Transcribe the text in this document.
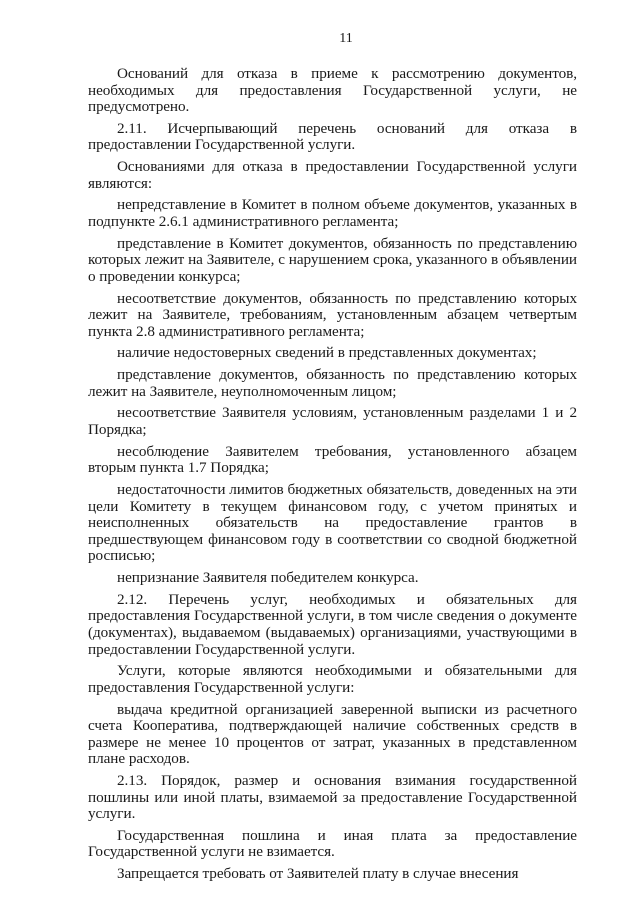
11

Оснований для отказа в приеме к рассмотрению документов, необходимых для предоставления Государственной услуги, не предусмотрено.

2.11. Исчерпывающий перечень оснований для отказа в предоставлении Государственной услуги.

Основаниями для отказа в предоставлении Государственной услуги являются:

непредставление в Комитет в полном объеме документов, указанных в подпункте 2.6.1 административного регламента;

представление в Комитет документов, обязанность по представлению которых лежит на Заявителе, с нарушением срока, указанного в объявлении о проведении конкурса;

несоответствие документов, обязанность по представлению которых лежит на Заявителе, требованиям, установленным абзацем четвертым пункта 2.8 административного регламента;

наличие недостоверных сведений в представленных документах;

представление документов, обязанность по представлению которых лежит на Заявителе, неуполномоченным лицом;

несоответствие Заявителя условиям, установленным разделами 1 и 2 Порядка;

несоблюдение Заявителем требования, установленного абзацем вторым пункта 1.7 Порядка;

недостаточности лимитов бюджетных обязательств, доведенных на эти цели Комитету в текущем финансовом году, с учетом принятых и неисполненных обязательств на предоставление грантов в предшествующем финансовом году в соответствии со сводной бюджетной росписью;

непризнание Заявителя победителем конкурса.

2.12. Перечень услуг, необходимых и обязательных для предоставления Государственной услуги, в том числе сведения о документе (документах), выдаваемом (выдаваемых) организациями, участвующими в предоставлении Государственной услуги.

Услуги, которые являются необходимыми и обязательными для предоставления Государственной услуги:

выдача кредитной организацией заверенной выписки из расчетного счета Кооператива, подтверждающей наличие собственных средств в размере не менее 10 процентов от затрат, указанных в представленном плане расходов.

2.13. Порядок, размер и основания взимания государственной пошлины или иной платы, взимаемой за предоставление Государственной услуги.

Государственная пошлина и иная плата за предоставление Государственной услуги не взимается.

Запрещается требовать от Заявителей плату в случае внесения
